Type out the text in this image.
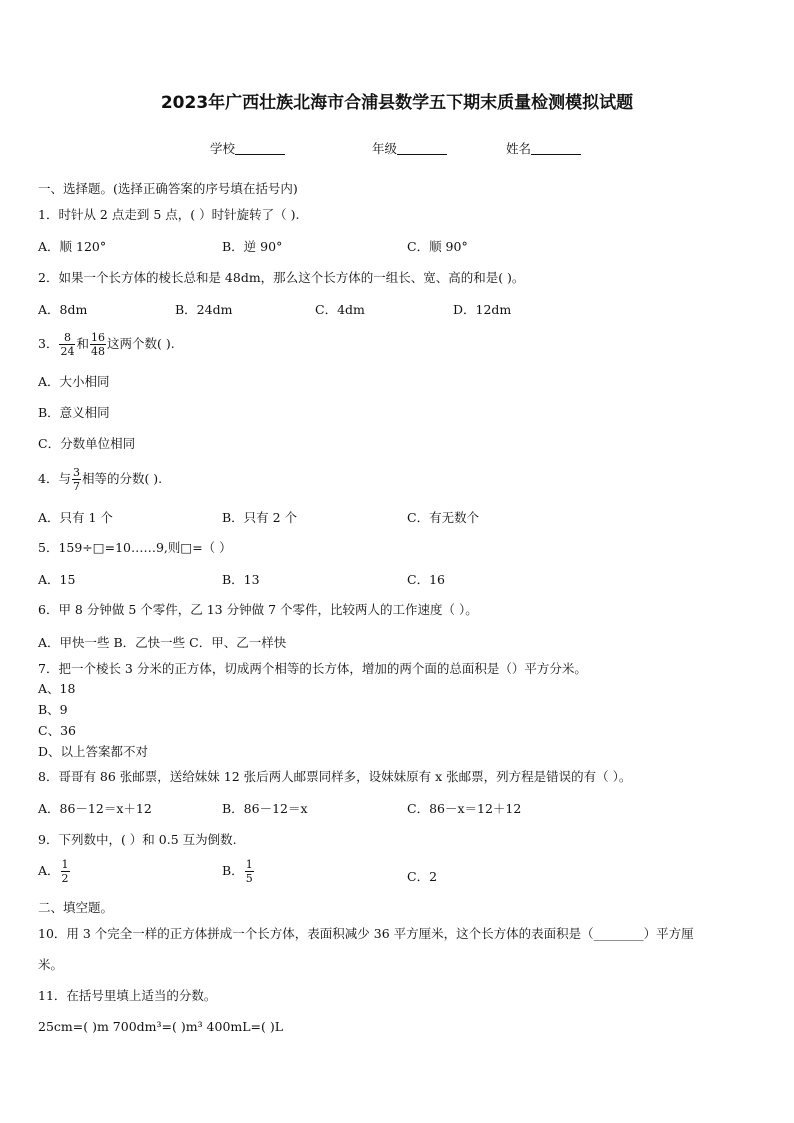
2023年广西壮族北海市合浦县数学五下期末质量检测模拟试题
学校	年级	姓名
一、选择题。(选择正确答案的序号填在括号内)
1．时针从 2 点走到 5 点，( ）时针旋转了（ ).
A．顺 120°	B．逆 90°	C．顺 90°
2．如果一个长方体的棱长总和是 48dm，那么这个长方体的一组长、宽、高的和是( )。
A．8dm	B．24dm	C．4dm	D．12dm
3． $\frac{8}{24}$ 和 $\frac{16}{48}$ 这两个数( ).
A．大小相同
B．意义相同
C．分数单位相同
4．与 $\frac{3}{7}$ 相等的分数( ).
A．只有 1 个	B．只有 2 个	C．有无数个
5．159÷□=10……9,则□=（ ）
A．15	B．13	C．16
6．甲 8 分钟做 5 个零件，乙 13 分钟做 7 个零件，比较两人的工作速度（ ）。
A．甲快一些 B．乙快一些 C．甲、乙一样快
7．把一个棱长 3 分米的正方体，切成两个相等的长方体，增加的两个面的总面积是（）平方分米。
A、18
B、9
C、36
D、以上答案都不对
8．哥哥有 86 张邮票，送给妹妹 12 张后两人邮票同样多，设妹妹原有 x 张邮票，列方程是错误的有（ ）。
A．86－12＝x＋12	B．86－12＝x	C．86－x＝12＋12
9．下列数中，( ）和 0.5 互为倒数.
A． $\frac{1}{2}$	B． $\frac{1}{5}$	C．2
二、填空题。
10．用 3 个完全一样的正方体拼成一个长方体，表面积减少 36 平方厘米，这个长方体的表面积是（________）平方厘
米。
11．在括号里填上适当的分数。
25cm=( )m 700dm³=( )m³ 400mL=( )L
